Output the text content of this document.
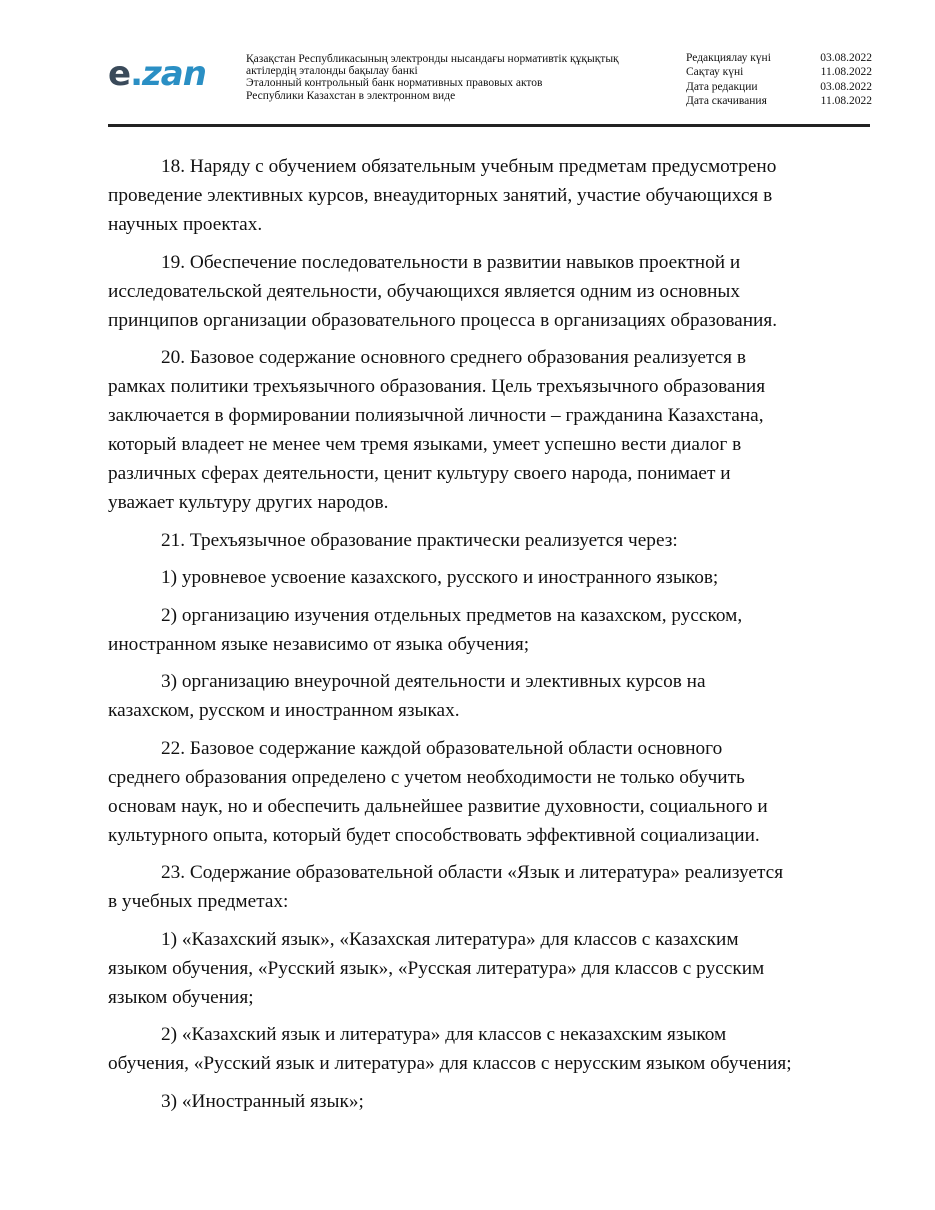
e.zan	Қазақстан Республикасының электронды нысандағы нормативтік құқықтық
актілердің эталонды бақылау банкі
Эталонный контрольный банк нормативных правовых актов
Республики Казахстан в электронном виде
Редакциялау күні	03.08.2022
Сақтау күні	11.08.2022
Дата редакции	03.08.2022
Дата скачивания	11.08.2022

18. Наряду с обучением обязательным учебным предметам предусмотрено
проведение элективных курсов, внеаудиторных занятий, участие обучающихся в
научных проектах.

19. Обеспечение последовательности в развитии навыков проектной и
исследовательской деятельности, обучающихся является одним из основных
принципов организации образовательного процесса в организациях образования.

20. Базовое содержание основного среднего образования реализуется в
рамках политики трехъязычного образования. Цель трехъязычного образования
заключается в формировании полиязычной личности – гражданина Казахстана,
который владеет не менее чем тремя языками, умеет успешно вести диалог в
различных сферах деятельности, ценит культуру своего народа, понимает и
уважает культуру других народов.

21. Трехъязычное образование практически реализуется через:

1) уровневое усвоение казахского, русского и иностранного языков;

2) организацию изучения отдельных предметов на казахском, русском,
иностранном языке независимо от языка обучения;

3) организацию внеурочной деятельности и элективных курсов на
казахском, русском и иностранном языках.

22. Базовое содержание каждой образовательной области основного
среднего образования определено с учетом необходимости не только обучить
основам наук, но и обеспечить дальнейшее развитие духовности, социального и
культурного опыта, который будет способствовать эффективной социализации.

23. Содержание образовательной области «Язык и литература» реализуется
в учебных предметах:

1) «Казахский язык», «Казахская литература» для классов с казахским
языком обучения, «Русский язык», «Русская литература» для классов с русским
языком обучения;

2) «Казахский язык и литература» для классов с неказахским языком
обучения, «Русский язык и литература» для классов с нерусским языком обучения;

3) «Иностранный язык»;
